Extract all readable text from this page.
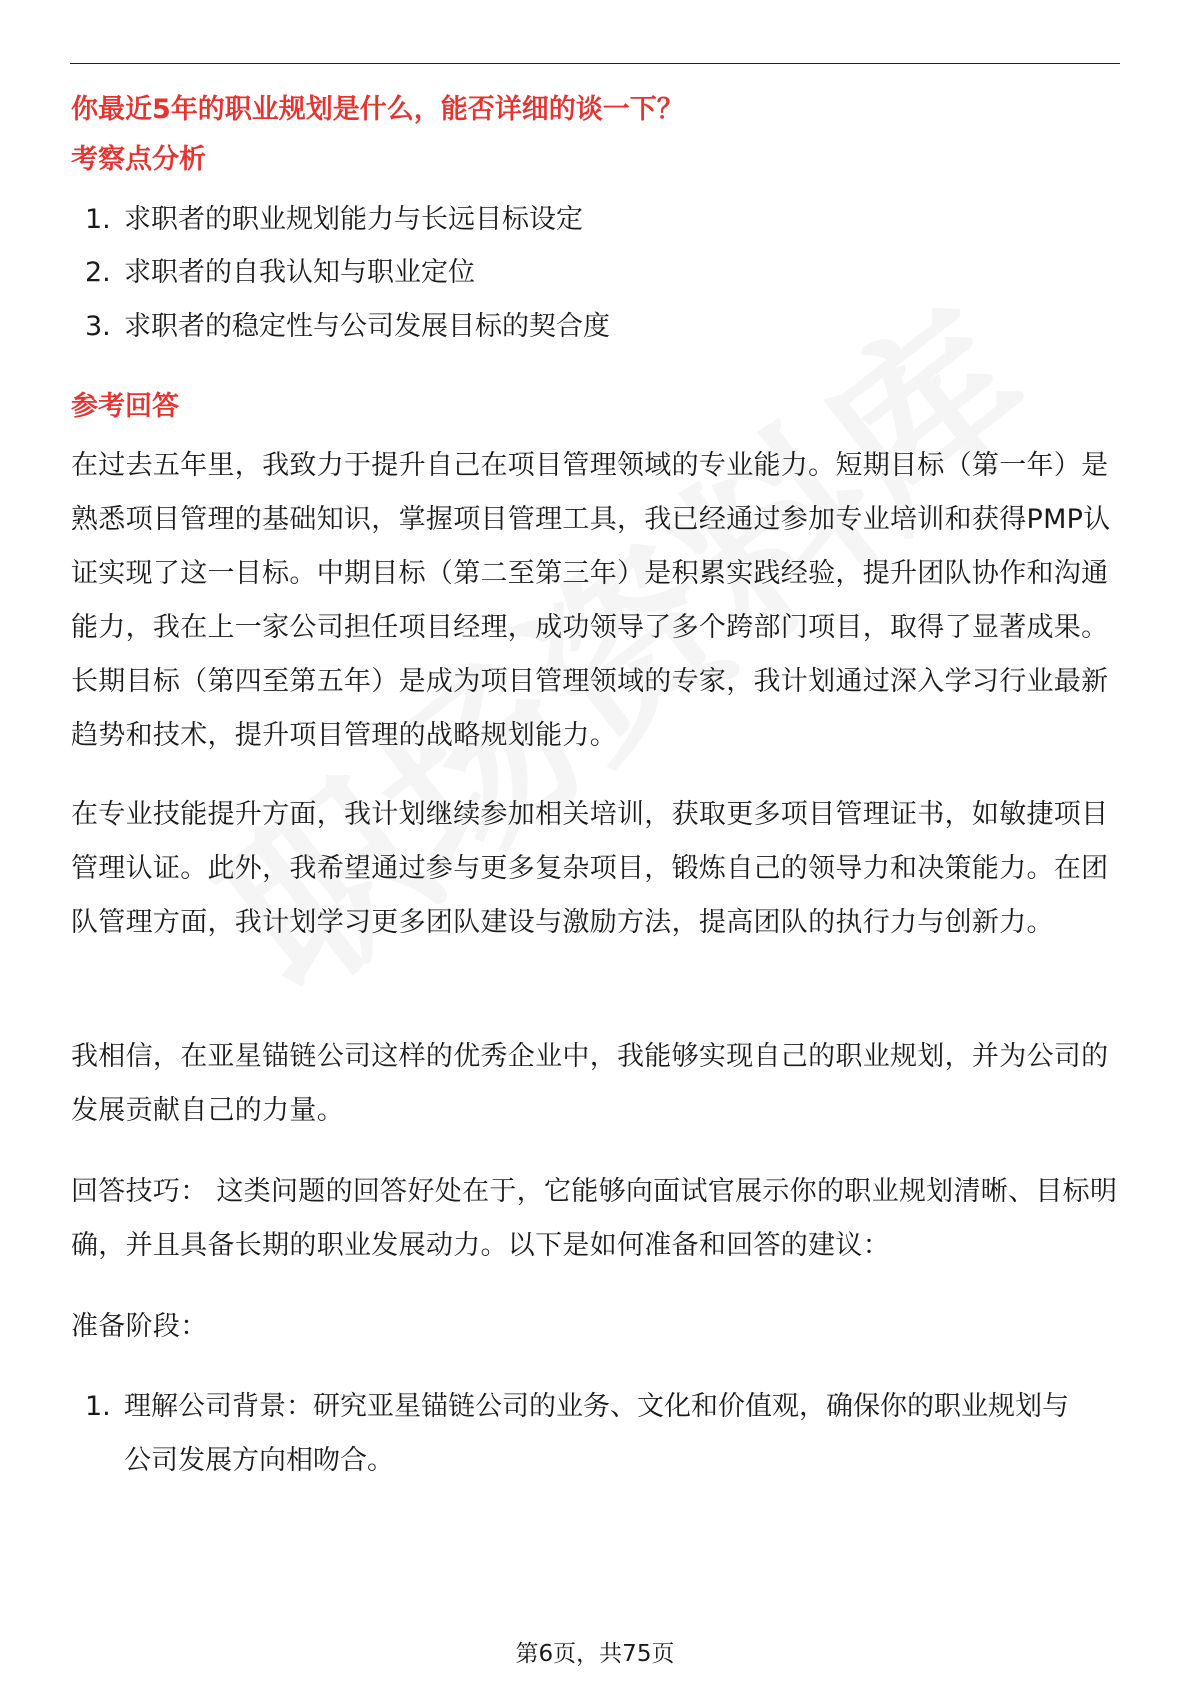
你最近5年的职业规划是什么，能否详细的谈一下？

考察点分析

1. 求职者的职业规划能力与长远目标设定
2. 求职者的自我认知与职业定位
3. 求职者的稳定性与公司发展目标的契合度

参考回答

在过去五年里，我致力于提升自己在项目管理领域的专业能力。短期目标（第一年）是熟悉项目管理的基础知识，掌握项目管理工具，我已经通过参加专业培训和获得PMP认证实现了这一目标。中期目标（第二至第三年）是积累实践经验，提升团队协作和沟通能力，我在上一家公司担任项目经理，成功领导了多个跨部门项目，取得了显著成果。长期目标（第四至第五年）是成为项目管理领域的专家，我计划通过深入学习行业最新趋势和技术，提升项目管理的战略规划能力。

在专业技能提升方面，我计划继续参加相关培训，获取更多项目管理证书，如敏捷项目管理认证。此外，我希望通过参与更多复杂项目，锻炼自己的领导力和决策能力。在团队管理方面，我计划学习更多团队建设与激励方法，提高团队的执行力与创新力。

我相信，在亚星锚链公司这样的优秀企业中，我能够实现自己的职业规划，并为公司的发展贡献自己的力量。

回答技巧： 这类问题的回答好处在于，它能够向面试官展示你的职业规划清晰、目标明确，并且具备长期的职业发展动力。以下是如何准备和回答的建议：

准备阶段：

1. 理解公司背景：研究亚星锚链公司的业务、文化和价值观，确保你的职业规划与公司发展方向相吻合。
第6页，共75页
